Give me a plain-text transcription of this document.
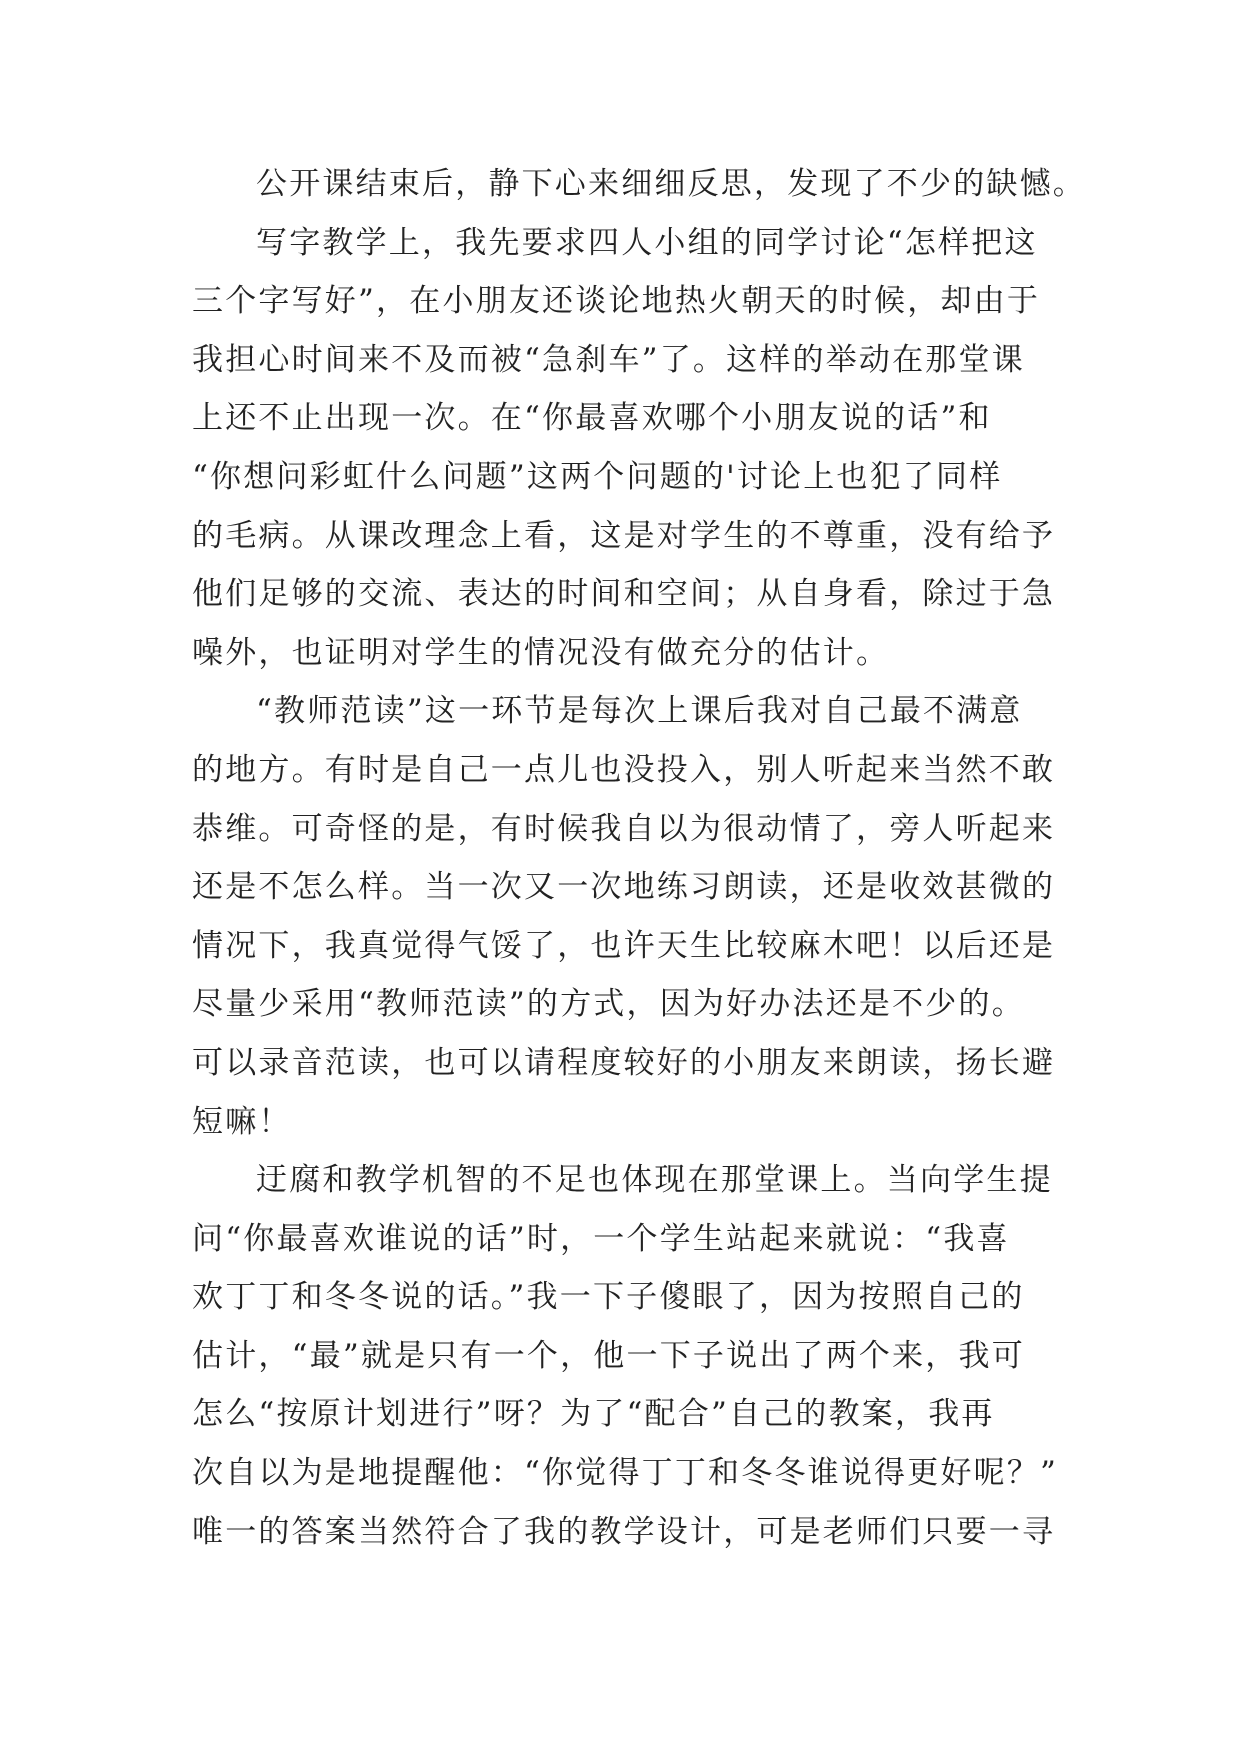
公开课结束后，静下心来细细反思，发现了不少的缺憾。
写字教学上，我先要求四人小组的同学讨论“怎样把这
三个字写好”，在小朋友还谈论地热火朝天的时候，却由于
我担心时间来不及而被“急刹车”了。这样的举动在那堂课
上还不止出现一次。在“你最喜欢哪个小朋友说的话”和
“你想问彩虹什么问题”这两个问题的'讨论上也犯了同样
的毛病。从课改理念上看，这是对学生的不尊重，没有给予
他们足够的交流、表达的时间和空间；从自身看，除过于急
噪外，也证明对学生的情况没有做充分的估计。
“教师范读”这一环节是每次上课后我对自己最不满意
的地方。有时是自己一点儿也没投入，别人听起来当然不敢
恭维。可奇怪的是，有时候我自以为很动情了，旁人听起来
还是不怎么样。当一次又一次地练习朗读，还是收效甚微的
情况下，我真觉得气馁了，也许天生比较麻木吧！以后还是
尽量少采用“教师范读”的方式，因为好办法还是不少的。
可以录音范读，也可以请程度较好的小朋友来朗读，扬长避
短嘛！
迂腐和教学机智的不足也体现在那堂课上。当向学生提
问“你最喜欢谁说的话”时，一个学生站起来就说：“我喜
欢丁丁和冬冬说的话。”我一下子傻眼了，因为按照自己的
估计，“最”就是只有一个，他一下子说出了两个来，我可
怎么“按原计划进行”呀？为了“配合”自己的教案，我再
次自以为是地提醒他：“你觉得丁丁和冬冬谁说得更好呢？”
唯一的答案当然符合了我的教学设计，可是老师们只要一寻
